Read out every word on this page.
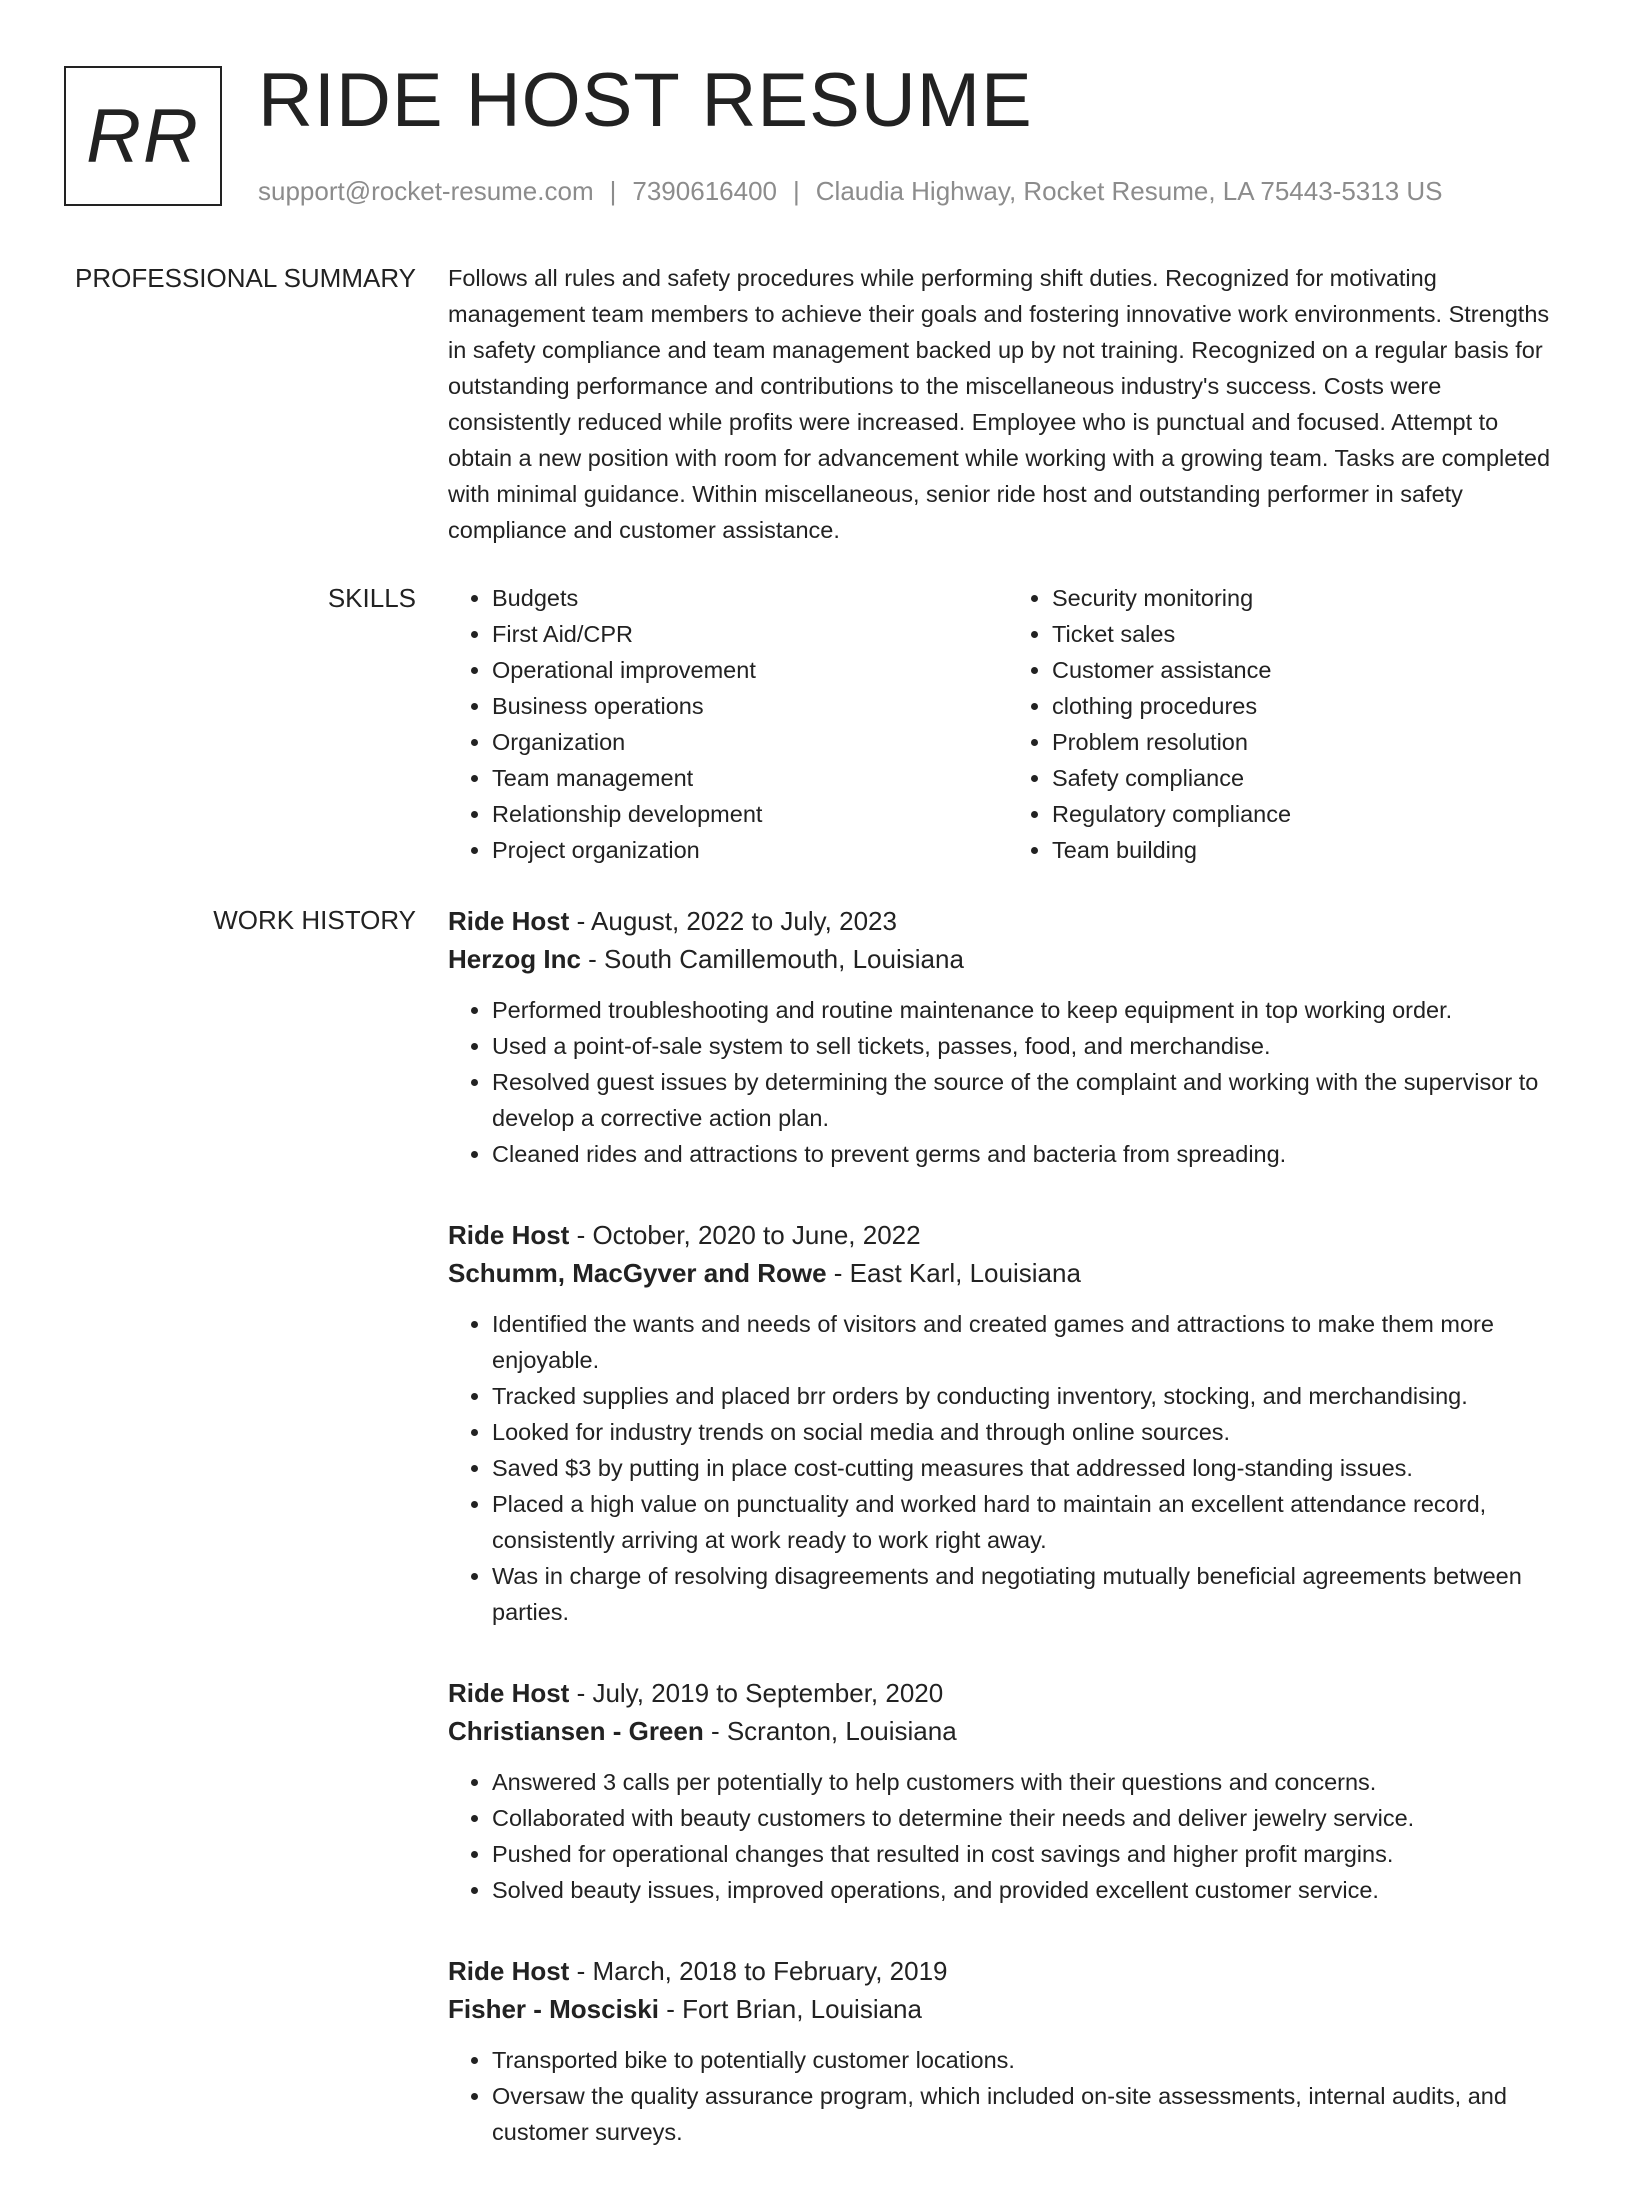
RR RIDE HOST RESUME
support@rocket-resume.com | 7390616400 | Claudia Highway, Rocket Resume, LA 75443-5313 US
PROFESSIONAL SUMMARY Follows all rules and safety procedures while performing shift duties. Recognized for motivating management team members to achieve their goals and fostering innovative work environments. Strengths in safety compliance and team management backed up by not training. Recognized on a regular basis for outstanding performance and contributions to the miscellaneous industry's success. Costs were consistently reduced while profits were increased. Employee who is punctual and focused. Attempt to obtain a new position with room for advancement while working with a growing team. Tasks are completed with minimal guidance. Within miscellaneous, senior ride host and outstanding performer in safety compliance and customer assistance.

SKILLS
•	Budgets
• First Aid/CPR
• Operational improvement
• Business operations
• Organization
• Team management
• Relationship development
• Project organization
• Security monitoring
• Ticket sales
• Customer assistance
• clothing procedures
• Problem resolution
• Safety compliance
• Regulatory compliance
• Team building
WORK HISTORY Ride Host - August, 2022 to July, 2023
Herzog Inc - South Camillemouth, Louisiana
• Performed troubleshooting and routine maintenance to keep equipment in top working order.
• Used a point-of-sale system to sell tickets, passes, food, and merchandise.
• Resolved guest issues by determining the source of the complaint and working with the supervisor to develop a corrective action plan.
• Cleaned rides and attractions to prevent germs and bacteria from spreading.
Ride Host - October, 2020 to June, 2022
Schumm, MacGyver and Rowe - East Karl, Louisiana
• Identified the wants and needs of visitors and created games and attractions to make them more enjoyable.
• Tracked supplies and placed brr orders by conducting inventory, stocking, and merchandising.
• Looked for industry trends on social media and through online sources.
• Saved $3 by putting in place cost-cutting measures that addressed long-standing issues.
• Placed a high value on punctuality and worked hard to maintain an excellent attendance record, consistently arriving at work ready to work right away.
• Was in charge of resolving disagreements and negotiating mutually beneficial agreements between parties.
Ride Host - July, 2019 to September, 2020
Christiansen - Green - Scranton, Louisiana
• Answered 3 calls per potentially to help customers with their questions and concerns.
• Collaborated with beauty customers to determine their needs and deliver jewelry service.
• Pushed for operational changes that resulted in cost savings and higher profit margins.
• Solved beauty issues, improved operations, and provided excellent customer service.
Ride Host - March, 2018 to February, 2019
Fisher - Mosciski - Fort Brian, Louisiana
• Transported bike to potentially customer locations.
• Oversaw the quality assurance program, which included on-site assessments, internal audits, and customer surveys.
